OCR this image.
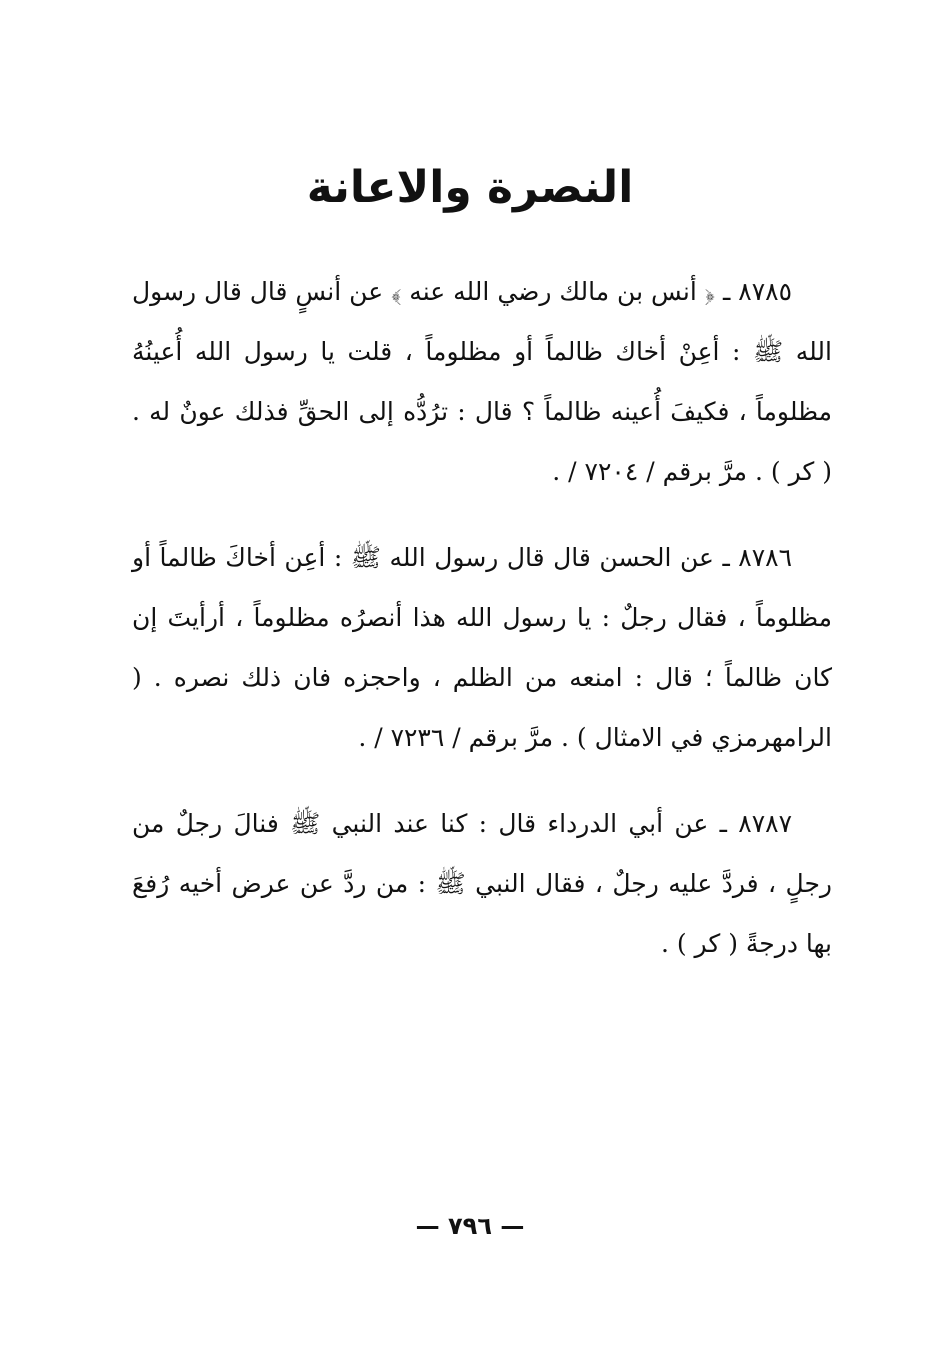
النصرة والاعانة

٨٧٨٥ ـ ﴿ أنس بن مالك رضي الله عنه ﴾ عن أنسٍ قال قال رسول الله ﷺ : أعِنْ أخاك ظالماً أو مظلوماً ، قلت يا رسول الله أُعينُهُ مظلوماً ، فكيفَ أُعينه ظالماً ؟ قال : ترُدُّه إلى الحقِّ فذلك عونٌ له . ( كر ) . مرَّ برقم / ٧٢٠٤ / .

٨٧٨٦ ـ عن الحسن قال قال رسول الله ﷺ : أعِن أخاكَ ظالماً أو مظلوماً ، فقال رجلٌ : يا رسول الله هذا أنصرُه مظلوماً ، أرأيتَ إن كان ظالماً ؛ قال : امنعه من الظلم ، واحجزه فان ذلك نصره . ( الرامهرمزي في الامثال ) . مرَّ برقم / ٧٢٣٦ / .

٨٧٨٧ ـ عن أبي الدرداء قال : كنا عند النبي ﷺ فنالَ رجلٌ من رجلٍ ، فردَّ عليه رجلٌ ، فقال النبي ﷺ : من ردَّ عن عرض أخيه رُفعَ بها درجةً ( كر ) .

— ٧٩٦ —
